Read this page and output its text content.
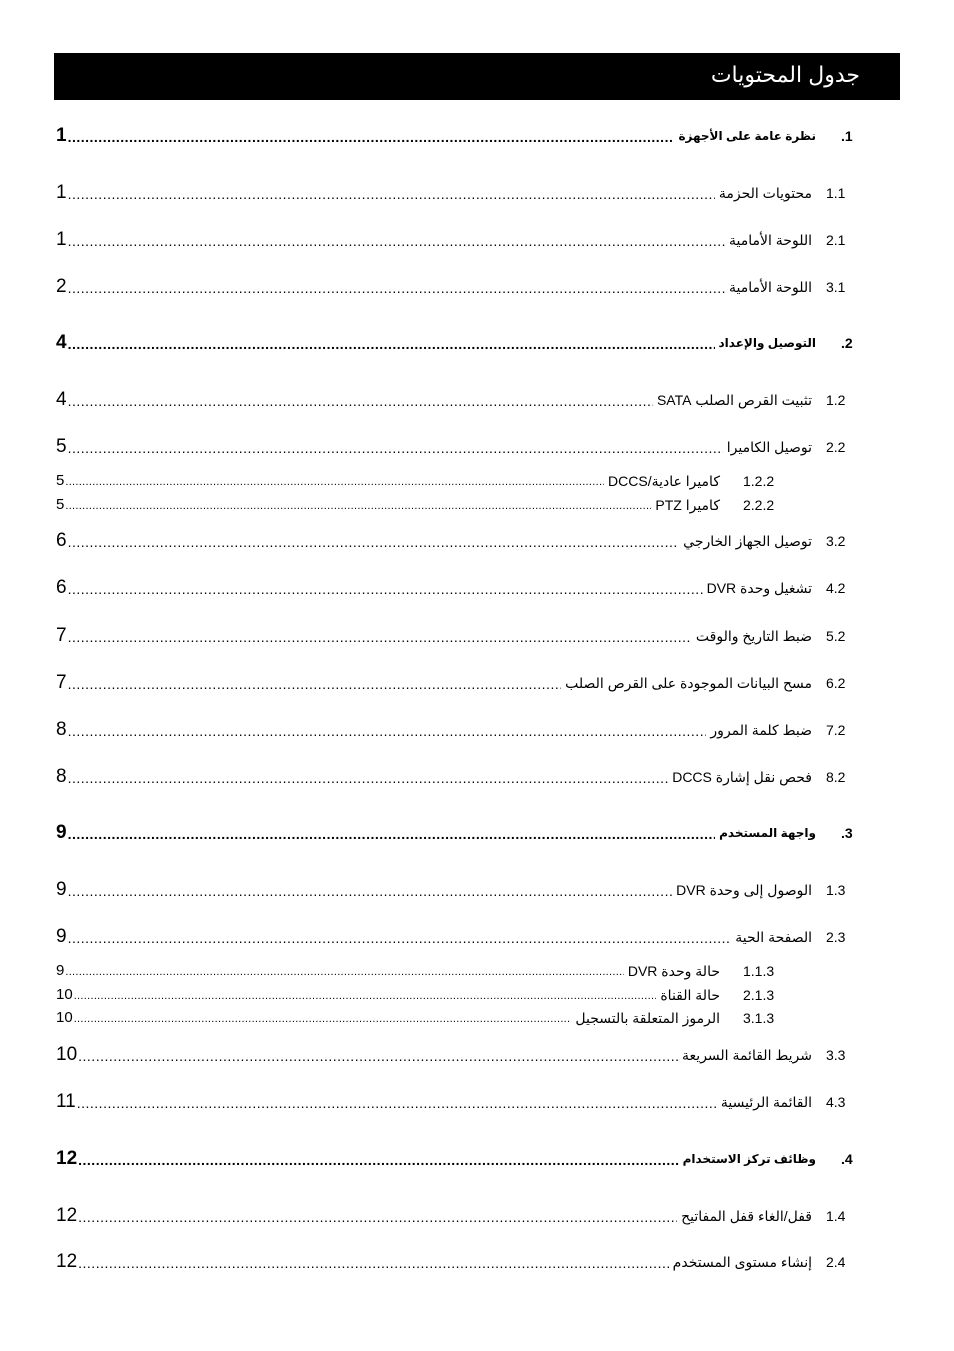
جدول المحتويات
1 .....	نظرة عامة على الأجهزة	.1
1 .....	محتويات الحزمة	1.1
1 .....	اللوحة الأمامية	2.1
2 .....	اللوحة الأمامية	3.1
4 .....	التوصيل والإعداد	.2
4 .....	تثبيت القرص الصلب SATA	1.2
5 .....	توصيل الكاميرا	2.2
5 .....	كاميرا عادية/DCCS	1.2.2
5 .....	كاميرا PTZ	2.2.2
6 .....	توصيل الجهاز الخارجي	3.2
6 .....	تشغيل وحدة DVR	4.2
7 .....	ضبط التاريخ والوقت	5.2
7 .....	مسح البيانات الموجودة على القرص الصلب	6.2
8 .....	ضبط كلمة المرور	7.2
8 .....	فحص نقل إشارة DCCS	8.2
9 .....	واجهة المستخدم	.3
9 .....	الوصول إلى وحدة DVR	1.3
9 .....	الصفحة الحية	2.3
9 .....	حالة وحدة DVR	1.1.3
10 .....	حالة القناة	2.1.3
10 .....	الرموز المتعلقة بالتسجيل	3.1.3
10 .....	شريط القائمة السريعة	3.3
11 .....	القائمة الرئيسية	4.3
12 .....	وظائف تركز الاستخدام	.4
12 .....	قفل/الغاء قفل المفاتيح	1.4
12 .....	إنشاء مستوى المستخدم	2.4
